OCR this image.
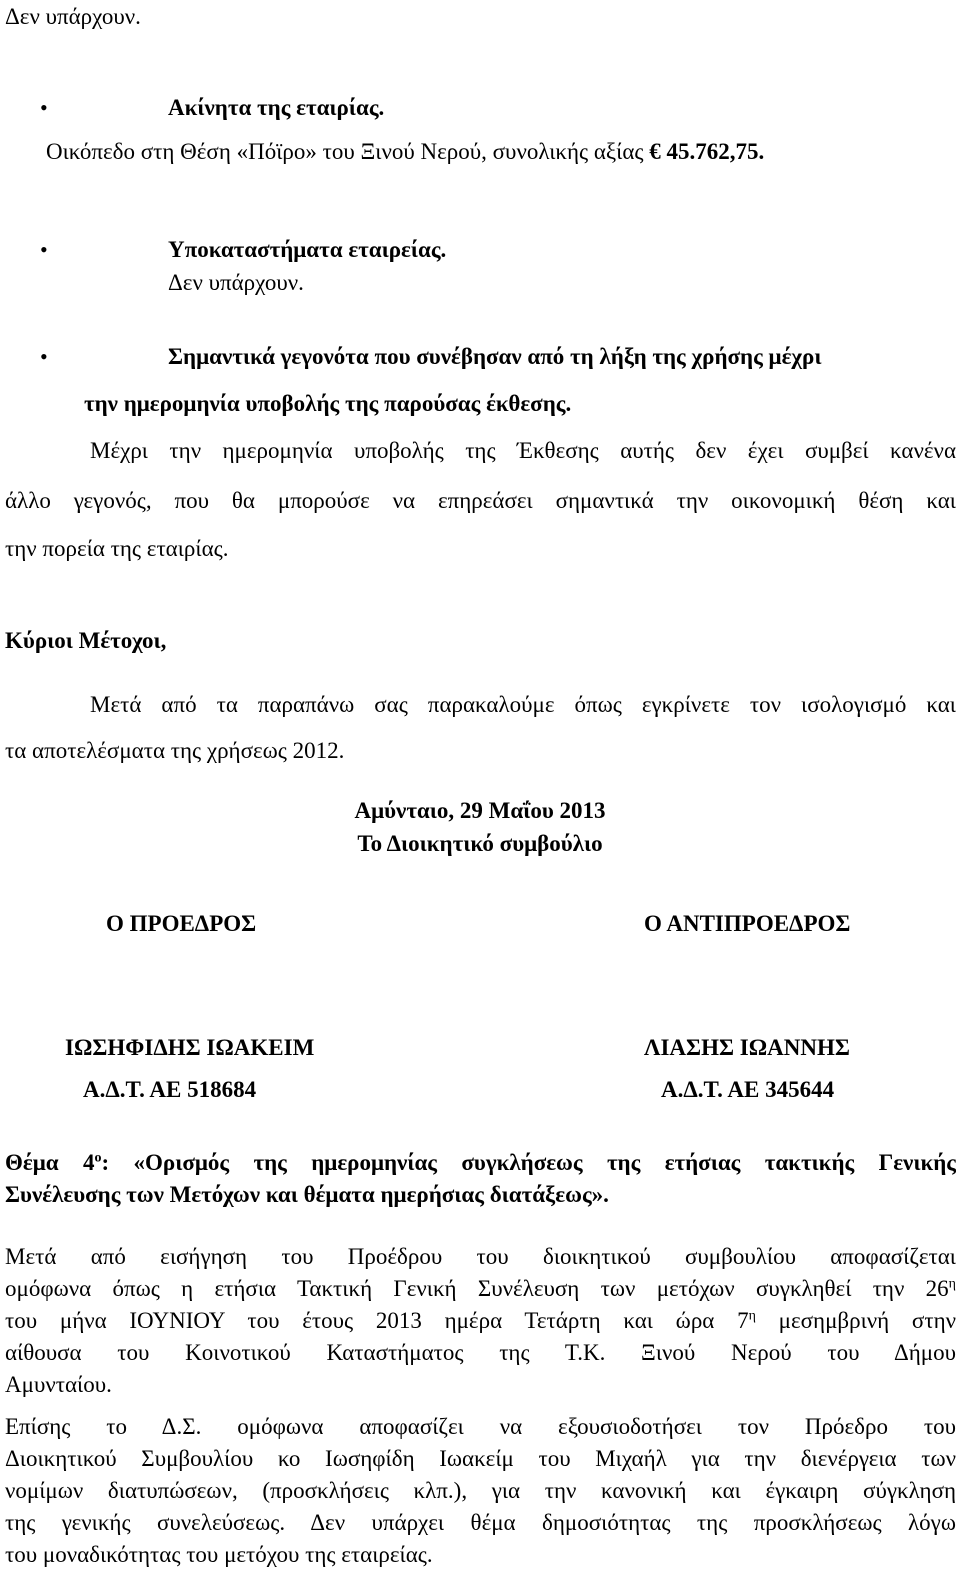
Δεν υπάρχουν.
•	Ακίνητα της εταιρίας.
Οικόπεδο στη Θέση «Πόϊρο» του Ξινού Νερού, συνολικής αξίας € 45.762,75.
•	Υποκαταστήματα εταιρείας.
Δεν υπάρχουν.
•	Σημαντικά γεγονότα που συνέβησαν από τη λήξη της χρήσης μέχρι
την ημερομηνία υποβολής της παρούσας έκθεσης.
Μέχρι την ημερομηνία υποβολής της Έκθεσης αυτής δεν έχει συμβεί κανένα
άλλο γεγονός, που θα μπορούσε να επηρεάσει σημαντικά την οικονομική θέση και
την πορεία της εταιρίας.
Κύριοι Μέτοχοι,
Μετά από τα παραπάνω σας παρακαλούμε όπως εγκρίνετε τον ισολογισμό και
τα αποτελέσματα της χρήσεως 2012.
Αμύνταιο, 29 Μαΐου 2013
Το Διοικητικό συμβούλιο
Ο ΠΡΟΕΔΡΟΣ	Ο ΑΝΤΙΠΡΟΕΔΡΟΣ
ΙΩΣΗΦΙΔΗΣ ΙΩΑΚΕΙΜ	ΛΙΑΣΗΣ ΙΩΑΝΝΗΣ
Α.Δ.Τ. ΑΕ 518684	Α.Δ.Τ. ΑΕ 345644
Θέμα $4^o$: «Ορισμός της ημερομηνίας συγκλήσεως της ετήσιας τακτικής Γενικής
Συνέλευσης των Μετόχων και θέματα ημερήσιας διατάξεως».
Μετά από εισήγηση του Προέδρου του διοικητικού συμβουλίου αποφασίζεται
ομόφωνα όπως η ετήσια Τακτική Γενική Συνέλευση των μετόχων συγκληθεί την $26^\eta$
του μήνα ΙΟΥΝΙΟΥ του έτους 2013 ημέρα Τετάρτη και ώρα $7^\eta$ μεσημβρινή στην
αίθουσα του Κοινοτικού Καταστήματος της Τ.Κ. Ξινού Νερού του Δήμου
Αμυνταίου.
Επίσης το Δ.Σ. ομόφωνα αποφασίζει να εξουσιοδοτήσει τον Πρόεδρο του
Διοικητικού Συμβουλίου κο Ιωσηφίδη Ιωακείμ του Μιχαήλ για την διενέργεια των
νομίμων διατυπώσεων, (προσκλήσεις κλπ.), για την κανονική και έγκαιρη σύγκληση
της γενικής συνελεύσεως. Δεν υπάρχει θέμα δημοσιότητας της προσκλήσεως λόγω
του μοναδικότητας του μετόχου της εταιρείας.
